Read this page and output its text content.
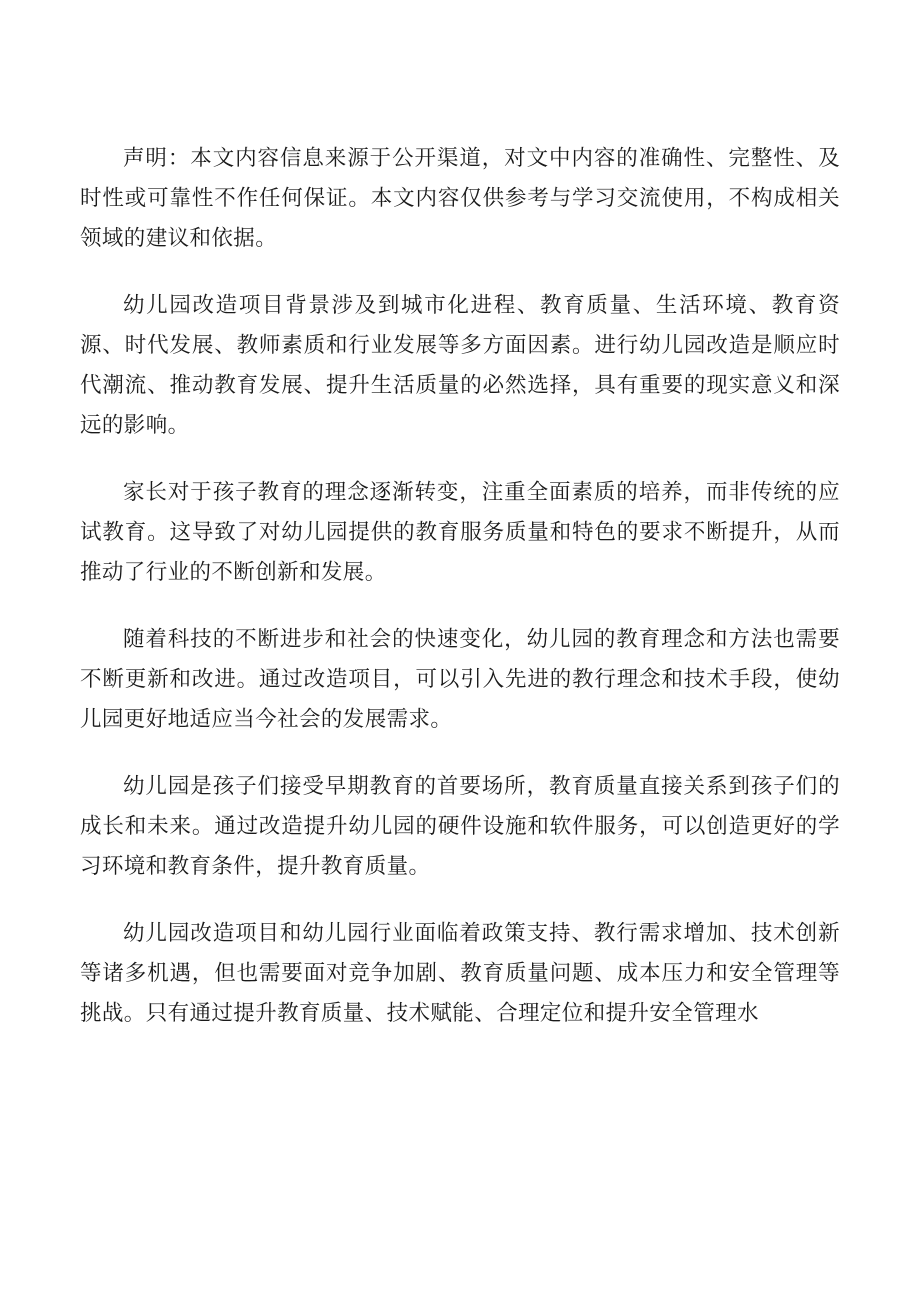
声明：本文内容信息来源于公开渠道，对文中内容的准确性、完整性、及时性或可靠性不作任何保证。本文内容仅供参考与学习交流使用，不构成相关领域的建议和依据。

幼儿园改造项目背景涉及到城市化进程、教育质量、生活环境、教育资源、时代发展、教师素质和行业发展等多方面因素。进行幼儿园改造是顺应时代潮流、推动教育发展、提升生活质量的必然选择，具有重要的现实意义和深远的影响。

家长对于孩子教育的理念逐渐转变，注重全面素质的培养，而非传统的应试教育。这导致了对幼儿园提供的教育服务质量和特色的要求不断提升，从而推动了行业的不断创新和发展。

随着科技的不断进步和社会的快速变化，幼儿园的教育理念和方法也需要不断更新和改进。通过改造项目，可以引入先进的教行理念和技术手段，使幼儿园更好地适应当今社会的发展需求。

幼儿园是孩子们接受早期教育的首要场所，教育质量直接关系到孩子们的成长和未来。通过改造提升幼儿园的硬件设施和软件服务，可以创造更好的学习环境和教育条件，提升教育质量。

幼儿园改造项目和幼儿园行业面临着政策支持、教行需求增加、技术创新等诸多机遇，但也需要面对竞争加剧、教育质量问题、成本压力和安全管理等挑战。只有通过提升教育质量、技术赋能、合理定位和提升安全管理水
